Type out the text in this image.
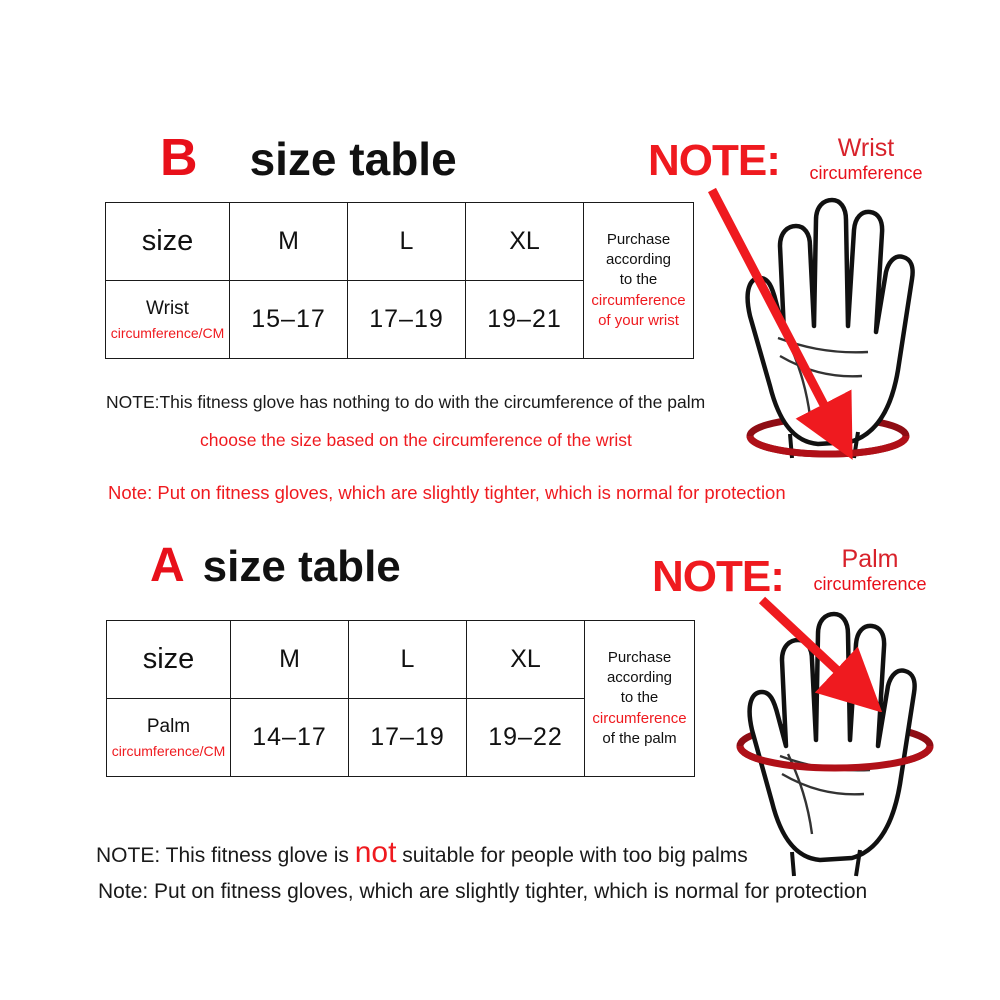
B size table	NOTE:	Wrist
circumference
size	M	L	XL	Purchase
according
to the
circumference
of your wrist

Wrist
circumference/CM	15–17	17–19	19–21	
NOTE:This fitness glove has nothing to do with the circumference of the palm
choose the size based on the circumference of the wrist
Note: Put on fitness gloves, which are slightly tighter, which is normal for protection
A size table	NOTE:	Palm
circumference
size	M	L	XL	Purchase
according
to the
circumference
of the palm

Palm
circumference/CM	14–17	17–19	19–22	
NOTE: This fitness glove is not suitable for people with too big palms
Note: Put on fitness gloves, which are slightly tighter, which is normal for protection
